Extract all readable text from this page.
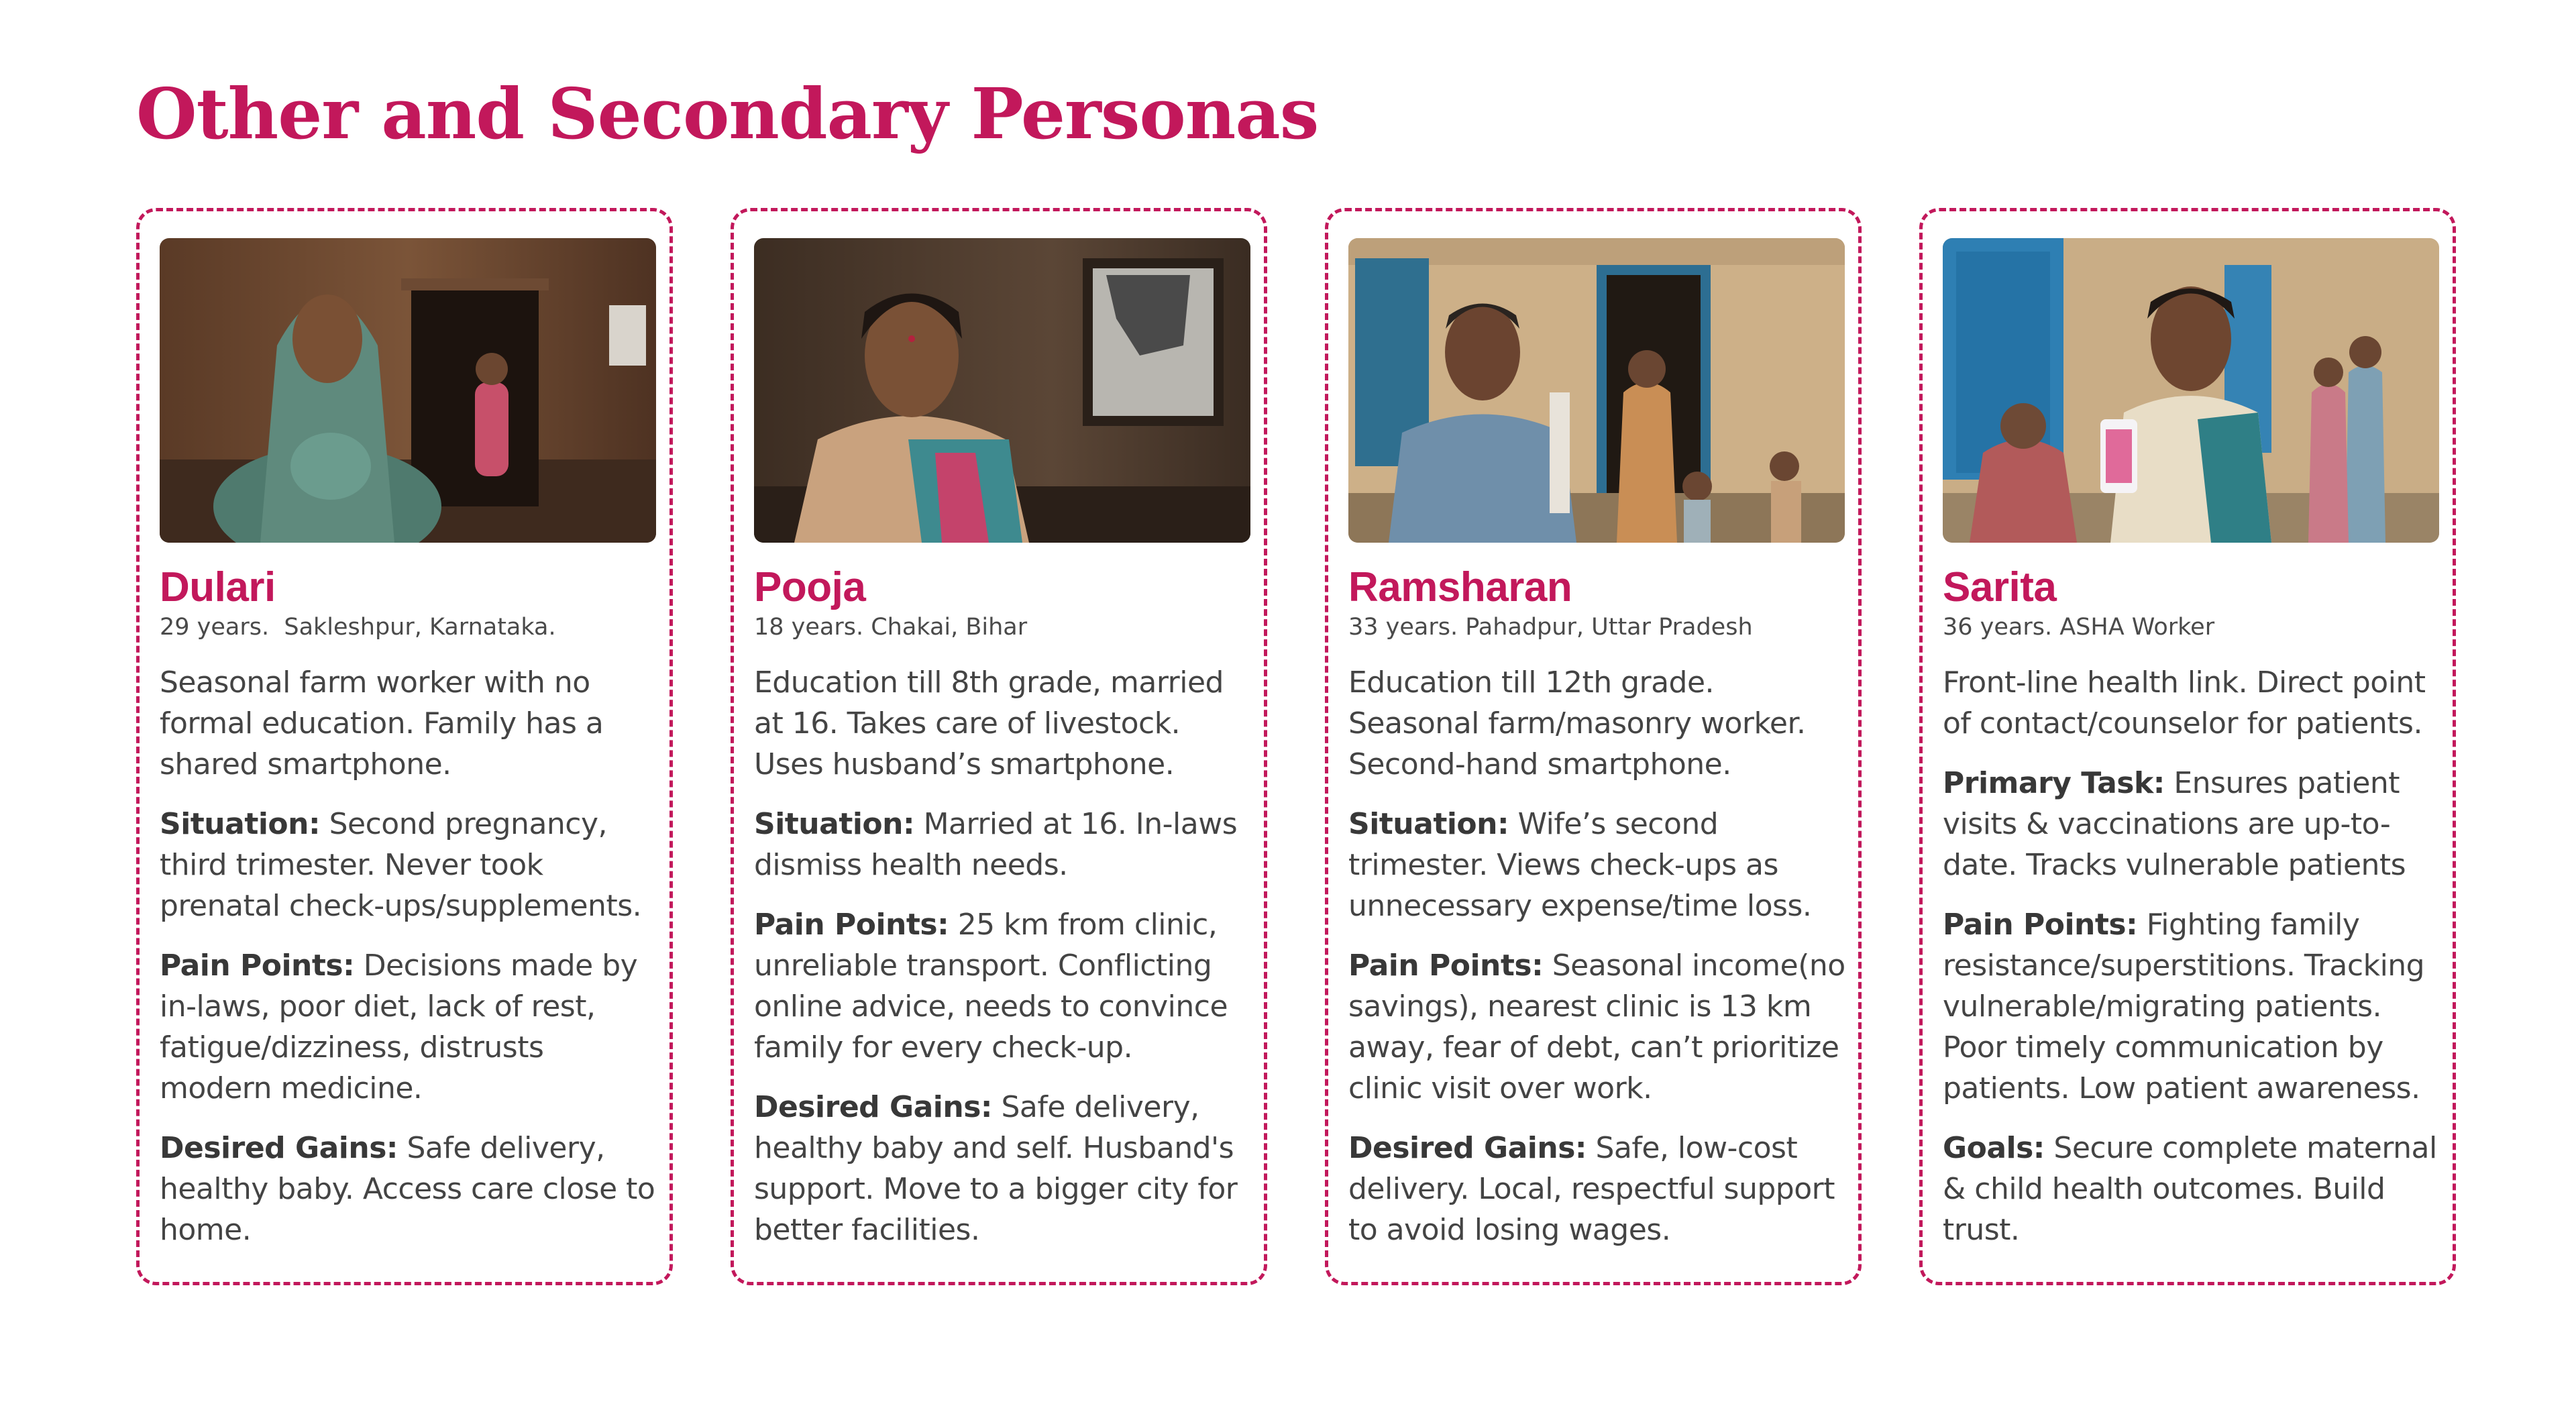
Other and Secondary Personas
Dulari

29 years.  Sakleshpur, Karnataka.

Seasonal farm worker with no formal education. Family has a shared smartphone.

Situation: Second pregnancy, third trimester. Never took prenatal check-ups/supplements.

Pain Points: Decisions made by in-laws, poor diet, lack of rest, fatigue/dizziness, distrusts modern medicine.

Desired Gains: Safe delivery, healthy baby. Access care close to home.

Pooja

18 years. Chakai, Bihar

Education till 8th grade, married at 16. Takes care of livestock. Uses husband’s smartphone.

Situation: Married at 16. In-laws dismiss health needs.

Pain Points: 25 km from clinic, unreliable transport. Conflicting online advice, needs to convince family for every check-up.

Desired Gains: Safe delivery, healthy baby and self. Husband's support. Move to a bigger city for better facilities.

Ramsharan

33 years. Pahadpur, Uttar Pradesh

Education till 12th grade. Seasonal farm/masonry worker. Second-hand smartphone.

Situation: Wife’s second trimester. Views check-ups as unnecessary expense/time loss.

Pain Points: Seasonal income(no savings), nearest clinic is 13 km away, fear of debt, can’t prioritize clinic visit over work.

Desired Gains: Safe, low-cost delivery. Local, respectful support to avoid losing wages.

Sarita

36 years. ASHA Worker

Front-line health link. Direct point of contact/counselor for patients.

Primary Task: Ensures patient visits & vaccinations are up-to-date. Tracks vulnerable patients

Pain Points: Fighting family resistance/superstitions. Tracking vulnerable/migrating patients. Poor timely communication by patients. Low patient awareness.

Goals: Secure complete maternal & child health outcomes. Build trust.
